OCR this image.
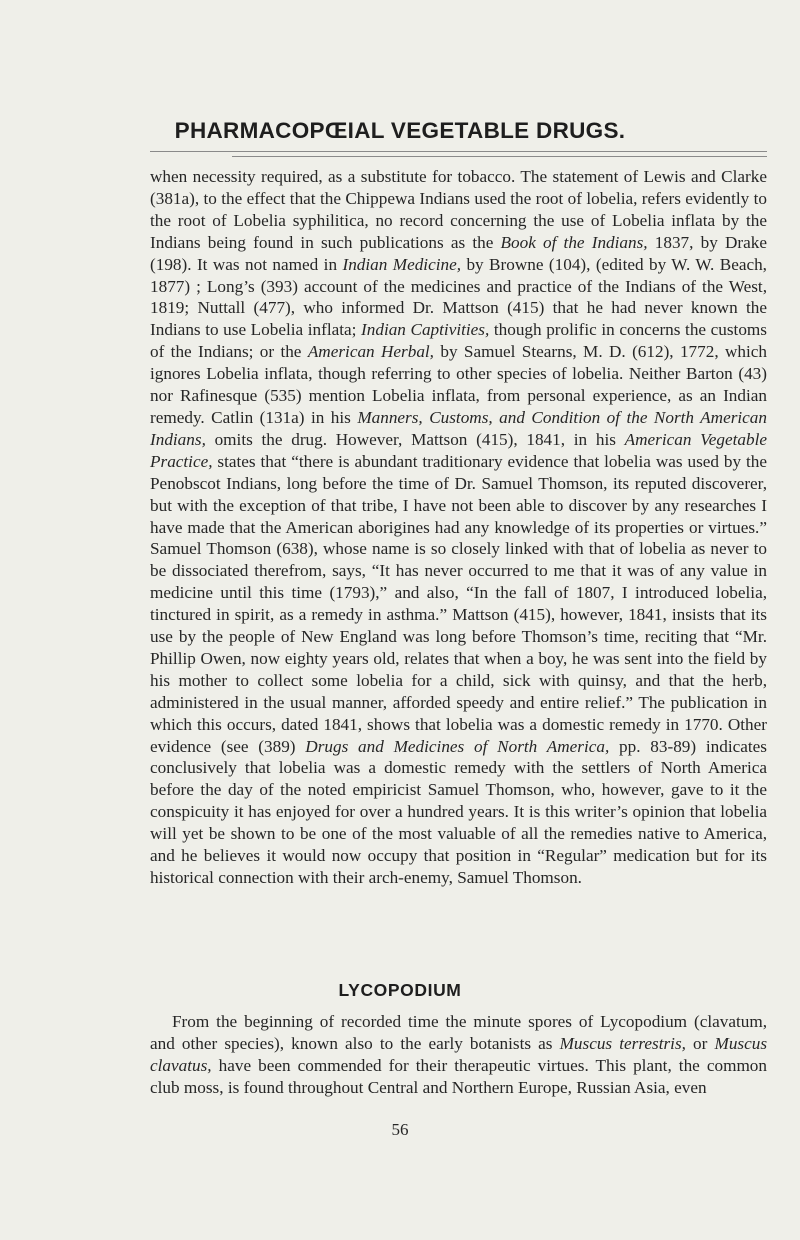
PHARMACOPŒIAL VEGETABLE DRUGS.

when necessity required, as a substitute for tobacco. The statement of Lewis and Clarke (381a), to the effect that the Chippewa Indians used the root of lobelia, refers evidently to the root of Lobelia syphilitica, no record concerning the use of Lobelia inflata by the Indians being found in such publications as the Book of the Indians, 1837, by Drake (198). It was not named in Indian Medicine, by Browne (104), (edited by W. W. Beach, 1877) ; Long’s (393) account of the medicines and practice of the Indians of the West, 1819; Nuttall (477), who informed Dr. Mattson (415) that he had never known the Indians to use Lobelia inflata; Indian Captivities, though prolific in concerns the customs of the Indians; or the American Herbal, by Samuel Stearns, M. D. (612), 1772, which ignores Lobelia inflata, though referring to other species of lobelia. Neither Barton (43) nor Rafinesque (535) mention Lobelia inflata, from personal experience, as an Indian remedy. Catlin (131a) in his Manners, Customs, and Condition of the North American Indians, omits the drug. However, Mattson (415), 1841, in his American Vegetable Practice, states that “there is abundant traditionary evidence that lobelia was used by the Penobscot Indians, long before the time of Dr. Samuel Thomson, its reputed discoverer, but with the exception of that tribe, I have not been able to discover by any researches I have made that the American aborigines had any knowledge of its properties or virtues.” Samuel Thomson (638), whose name is so closely linked with that of lobelia as never to be dissociated therefrom, says, “It has never occurred to me that it was of any value in medicine until this time (1793),” and also, “In the fall of 1807, I introduced lobelia, tinctured in spirit, as a remedy in asthma.” Mattson (415), however, 1841, insists that its use by the people of New England was long before Thomson’s time, reciting that “Mr. Phillip Owen, now eighty years old, relates that when a boy, he was sent into the field by his mother to collect some lobelia for a child, sick with quinsy, and that the herb, administered in the usual manner, afforded speedy and entire relief.” The publication in which this occurs, dated 1841, shows that lobelia was a domestic remedy in 1770. Other evidence (see (389) Drugs and Medicines of North America, pp. 83-89) indicates conclusively that lobelia was a domestic remedy with the settlers of North America before the day of the noted empiricist Samuel Thomson, who, however, gave to it the conspicuity it has enjoyed for over a hundred years. It is this writer’s opinion that lobelia will yet be shown to be one of the most valuable of all the remedies native to America, and he believes it would now occupy that position in “Regular” medication but for its historical connection with their arch-enemy, Samuel Thomson.

LYCOPODIUM

From the beginning of recorded time the minute spores of Lycopodium (clavatum, and other species), known also to the early botanists as Muscus terrestris, or Muscus clavatus, have been commended for their therapeutic virtues. This plant, the common club moss, is found throughout Central and Northern Europe, Russian Asia, even

56
